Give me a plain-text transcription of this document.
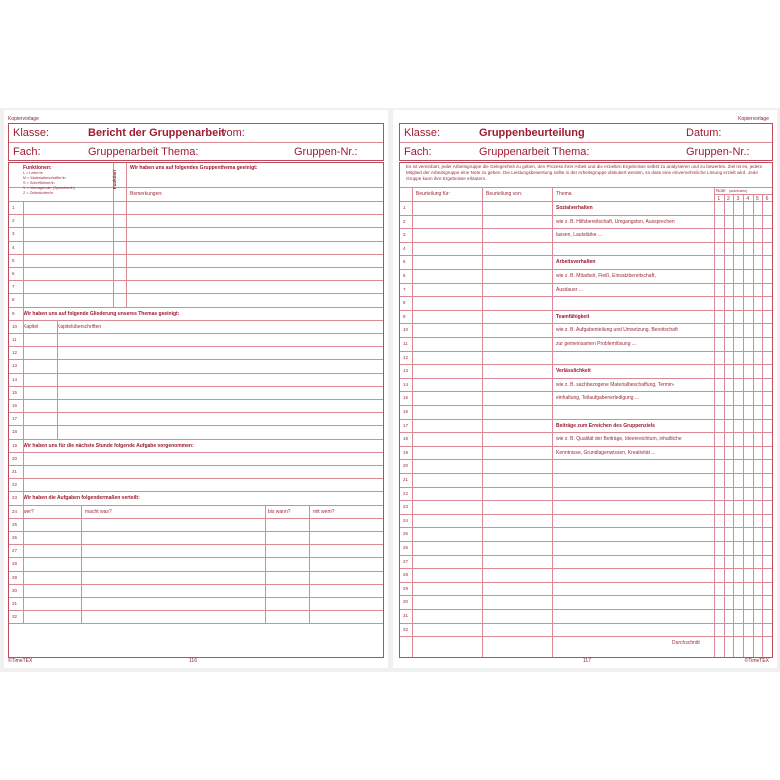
Kopiervorlage
Klasse:	Bericht der Gruppenarbeit
vom:
Fach:	Gruppenarbeit Thema:	Gruppen-Nr.:
Funktionen:
L = Leiter/in
M = Materialbeschaffer/in
S = Schriftführer/in
V = Vortragender (Sprecher/in)
Z = Zeitwächter/in
Funktion
Wir haben uns auf folgendes Gruppenthema geeinigt:
Bemerkungen:
1
2
3
4
5
6
7
8
9 Wir haben uns auf folgende Gliederung unseres Themas geeinigt:
10 Kapitel	Kapitelüberschriften
11
12
13
14
15
16
17
18
19 Wir haben uns für die nächste Stunde folgende Aufgabe vorgenommen:
20
21
22
23 Wir haben die Aufgaben folgendermaßen verteilt:
24 wer?	macht was?	bis wann?	mit wem?
25
26
27
28
29
30
31
32
©TimeTEX	116
Kopiervorlage
Klasse:	Gruppenbeurteilung	Datum:
Fach:	Gruppenarbeit Thema:	Gruppen-Nr.:
Es ist vereinbart, jeder Arbeitsgruppe die Gelegenheit zu geben, den Prozess ihrer Arbeit und die erzielten Ergebnisse selbst zu analysieren und zu bewerten. Ziel ist es, jedem Mitglied der Arbeitsgruppe eine Note zu geben. Die Leistungsbewertung sollte in der Arbeitsgruppe diskutiert werden, so dass eine einvernehmliche Lösung erzielt wird. Jede Gruppe kann ihre Ergebnisse erläutern.
Beurteilung für:	Beurteilung von:	Thema
Note (ankreuzen)
1 2 3 4 5 6
1	Sozialverhalten
2	wie z. B. Hilfsbereitschaft, Umgangston, Aussprechen
3	lassen, Lautstärke ...
4
5	Arbeitsverhalten
6	wie z. B. Mitarbeit, Fleiß, Einsatzbereitschaft,
7	Ausdauer ...
8
9	Teamfähigkeit
10	wie z. B. Aufgabenteilung und Umsetzung, Bereitschaft
11	zur gemeinsamen Problemlösung ...
12
13	Verlässlichkeit
14	wie z. B. sachbezogene Materialbeschaffung, Termin-
15	einhaltung, Teilaufgabenerledigung ...
16
17	Beiträge zum Erreichen des Gruppenziels
18	wie z. B. Qualität der Beiträge, Ideenreichtum, inhaltliche
19	Kenntnisse, Grundlagenwissen, Kreativität ...
20
21
22
23
24
25
26
27
28
29
30
31
32
Durchschnitt
117	©TimeTEX
